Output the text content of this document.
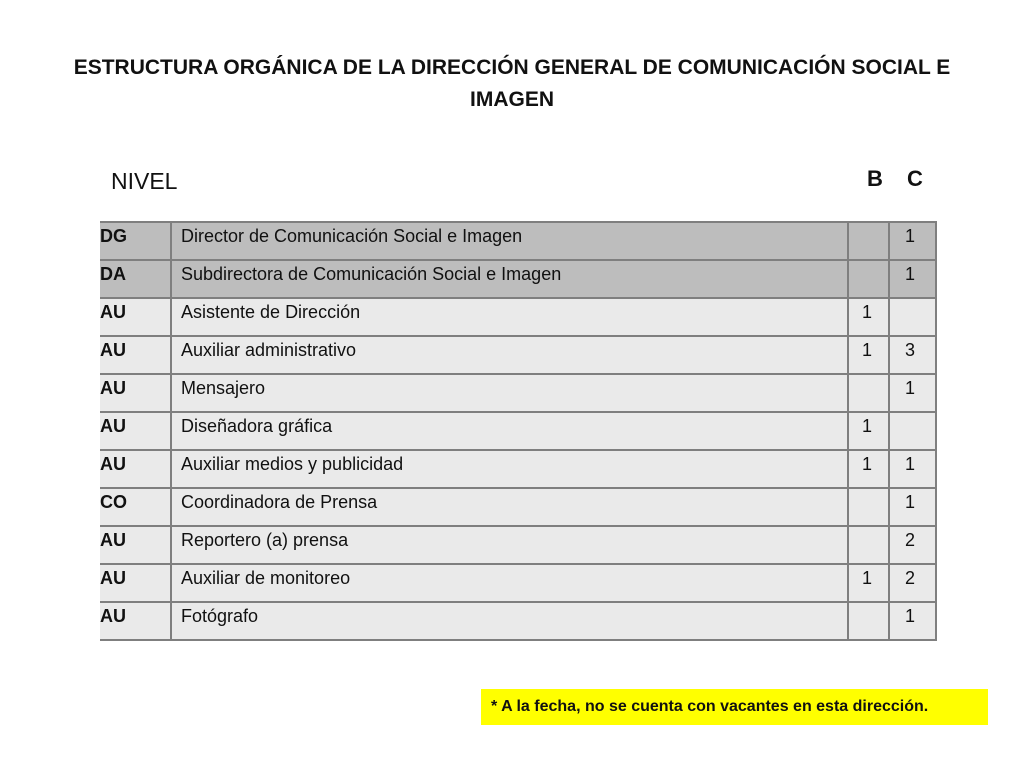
ESTRUCTURA ORGÁNICA DE LA DIRECCIÓN GENERAL DE COMUNICACIÓN SOCIAL E IMAGEN
NIVEL	B C
DG	Director de Comunicación Social e Imagen		1

DA	Subdirectora de Comunicación Social e Imagen		1

AU	Asistente de Dirección	1	

AU	Auxiliar administrativo	1	3

AU	Mensajero		1

AU	Diseñadora gráfica	1	

AU	Auxiliar medios y publicidad	1	1

CO	Coordinadora de Prensa		1

AU	Reportero (a) prensa		2

AU	Auxiliar de monitoreo	1	2

AU	Fotógrafo		1
* A la fecha, no se cuenta con vacantes en esta dirección.
